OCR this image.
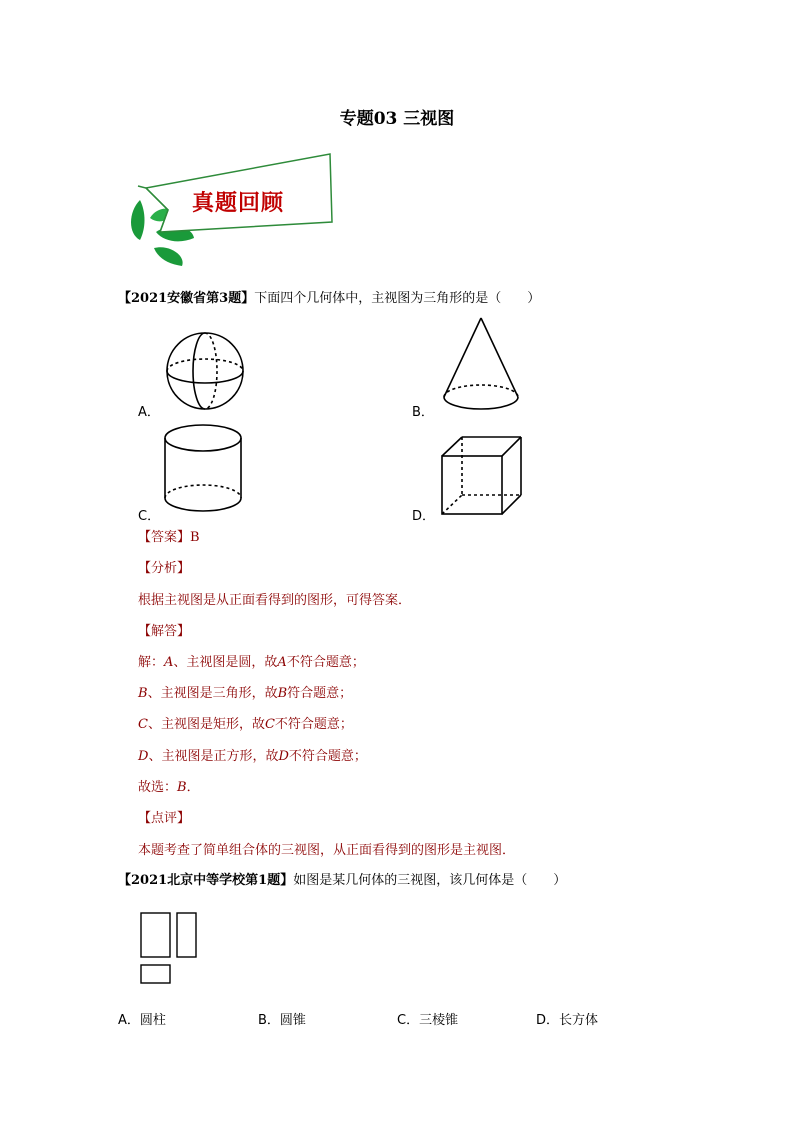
专题03 三视图
真题回顾
【2021安徽省第3题】下面四个几何体中，主视图为三角形的是（　　）
A．	B．
C．	D．
【答案】B
【分析】
根据主视图是从正面看得到的图形，可得答案．
【解答】
解：A、主视图是圆，故A不符合题意；
B、主视图是三角形，故B符合题意；
C、主视图是矩形，故C不符合题意；
D、主视图是正方形，故D不符合题意；
故选：B．
【点评】
本题考查了简单组合体的三视图，从正面看得到的图形是主视图．
【2021北京中等学校第1题】如图是某几何体的三视图，该几何体是（　　）
A．圆柱	B．圆锥	C．三棱锥	D．长方体
